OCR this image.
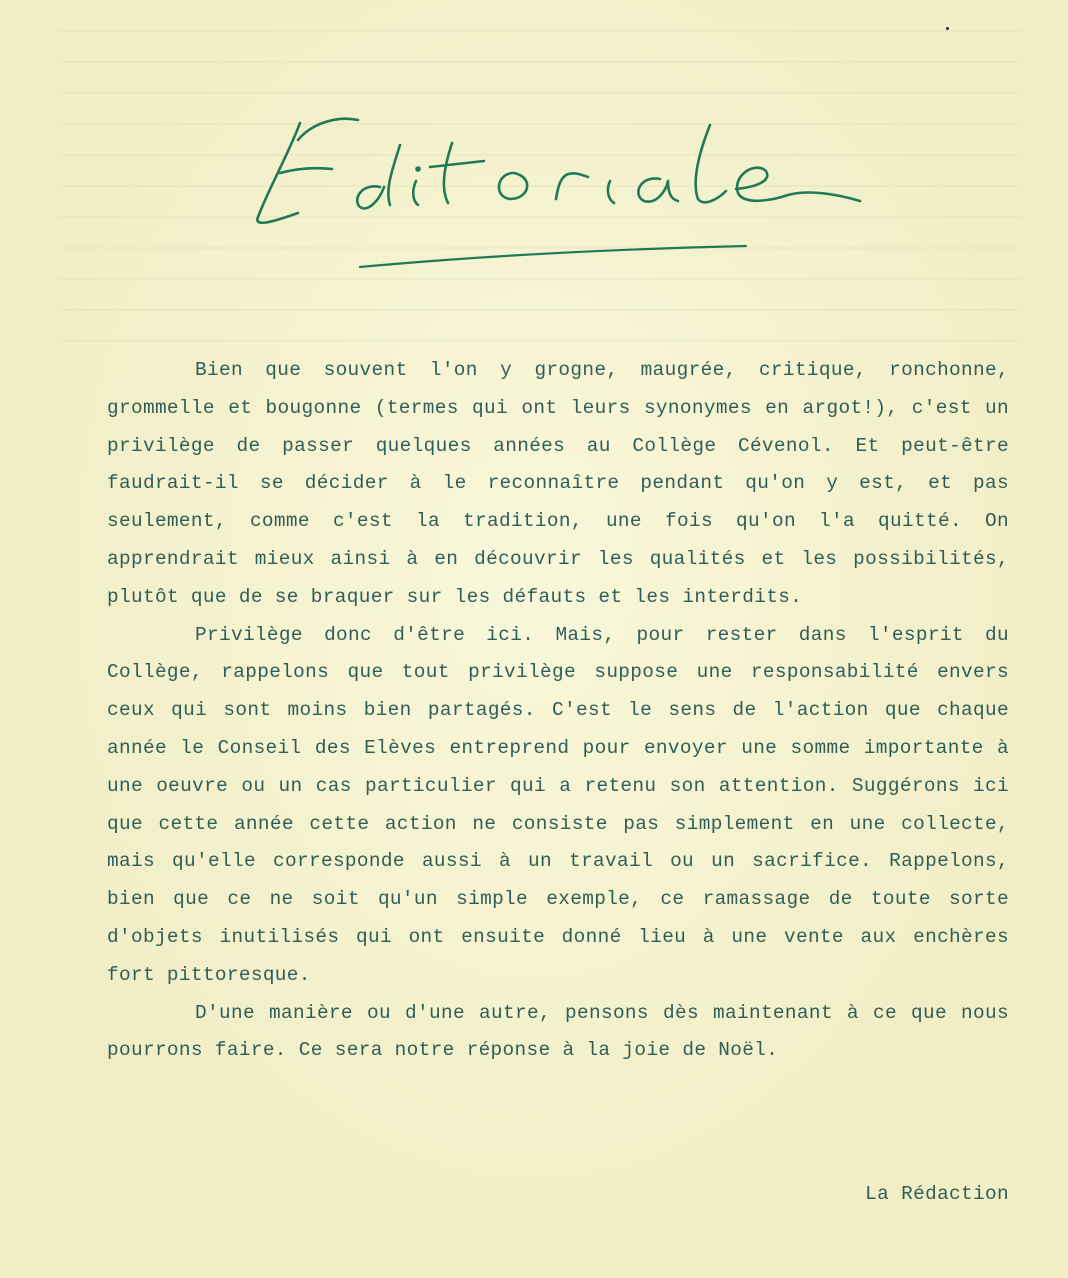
Bien que souvent l'on y grogne, maugrée, critique, ronchonne, grommelle et bougonne (termes qui ont leurs synonymes en argot!), c'est un privilège de passer quelques années au Collège Cévenol. Et peut-être faudrait-il se décider à le reconnaître pendant qu'on y est, et pas seulement, comme c'est la tradition, une fois qu'on l'a quitté. On apprendrait mieux ainsi à en découvrir les qualités et les possibilités, plutôt que de se braquer sur les défauts et les interdits.

Privilège donc d'être ici. Mais, pour rester dans l'esprit du Collège, rappelons que tout privilège suppose une responsabilité envers ceux qui sont moins bien partagés. C'est le sens de l'action que chaque année le Conseil des Elèves entreprend pour envoyer une somme importante à une oeuvre ou un cas particulier qui a retenu son attention. Suggérons ici que cette année cette action ne consiste pas simplement en une collecte, mais qu'elle corresponde aussi à un travail ou un sacrifice. Rappelons, bien que ce ne soit qu'un simple exemple, ce ramassage de toute sorte d'objets inutilisés qui ont ensuite donné lieu à une vente aux enchères fort pittoresque.

D'une manière ou d'une autre, pensons dès maintenant à ce que nous pourrons faire. Ce sera notre réponse à la joie de Noël.

La Rédaction
